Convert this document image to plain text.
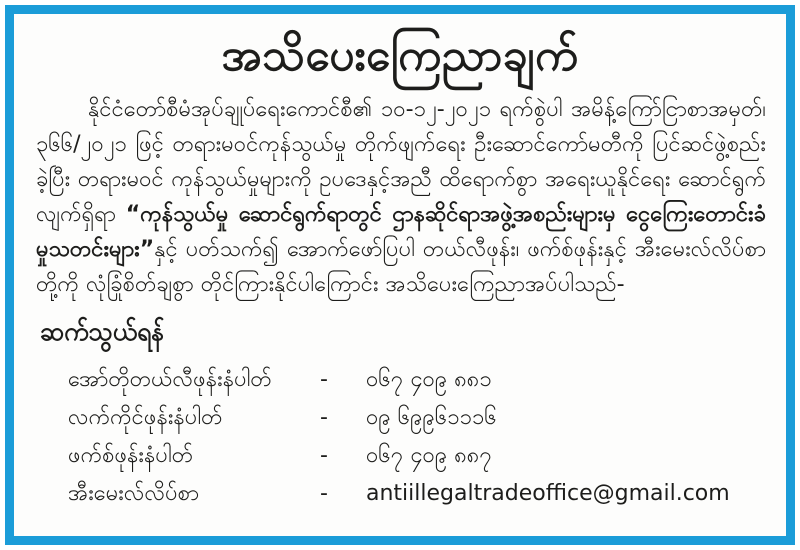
အသိပေးကြေညာချက်
နိုင်ငံတော်စီမံအုပ်ချုပ်ရေးကောင်စီ၏ ၁၀-၁၂-၂၀၂၁ ရက်စွဲပါ အမိန့်ကြော်ငြာစာအမှတ်၊ ၃၆၆/၂၀၂၁ ဖြင့် တရားမဝင်ကုန်သွယ်မှု တိုက်ဖျက်ရေး ဦးဆောင်ကော်မတီကို ပြင်ဆင်ဖွဲ့စည်းခဲ့ပြီး တရားမဝင် ကုန်သွယ်မှုများကို ဥပဒေနှင့်အညီ ထိရောက်စွာ အရေးယူနိုင်ရေး ဆောင်ရွက်လျက်ရှိရာ “ကုန်သွယ်မှု ဆောင်ရွက်ရာတွင် ဌာနဆိုင်ရာအဖွဲ့အစည်းများမှ ငွေကြေးတောင်းခံမှုသတင်းများ”နှင့် ပတ်သက်၍ အောက်ဖော်ပြပါ တယ်လီဖုန်း၊ ဖက်စ်ဖုန်းနှင့် အီးမေးလ်လိပ်စာတို့ကို လုံခြုံစိတ်ချစွာ တိုင်ကြားနိုင်ပါကြောင်း အသိပေးကြေညာအပ်ပါသည်-
ဆက်သွယ်ရန်
အော်တိုတယ်လီဖုန်းနံပါတ်	-	၀၆၇ ၄၀၉ ၈၈၁
လက်ကိုင်ဖုန်းနံပါတ်	-	၀၉ ၆၉၉၆၁၁၁၆
ဖက်စ်ဖုန်းနံပါတ်	-	၀၆၇ ၄၀၉ ၈၈၇
အီးမေးလ်လိပ်စာ	-	antiillegaltradeoffice@gmail.com
